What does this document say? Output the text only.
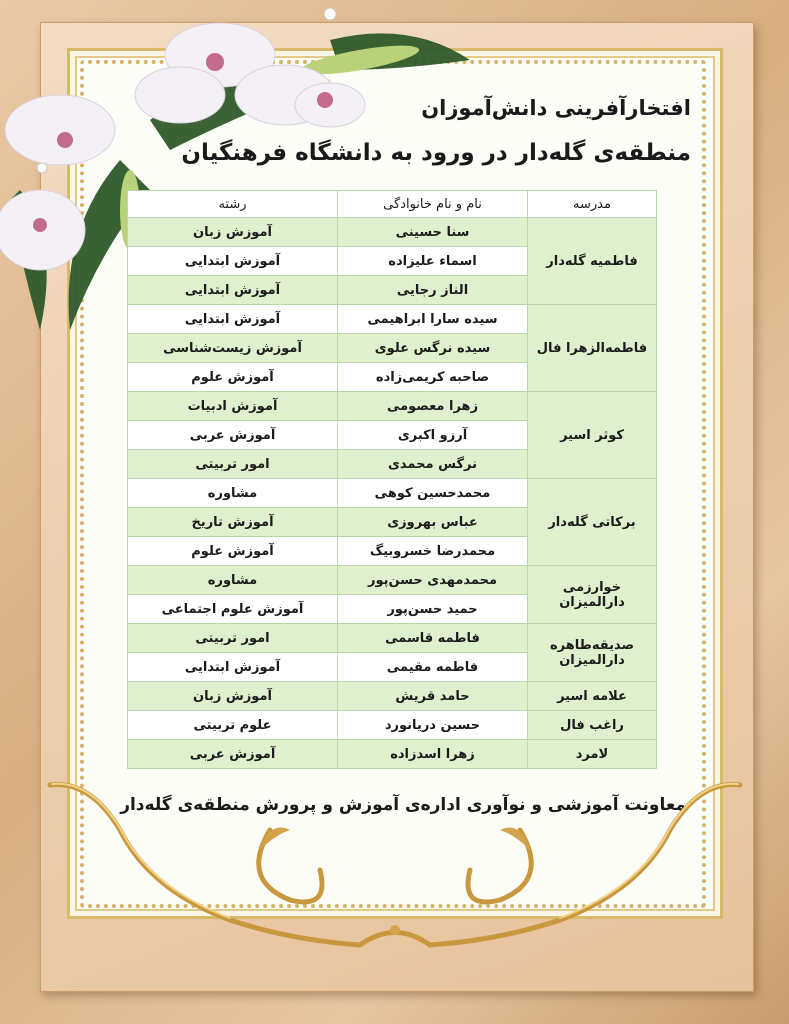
افتخارآفرینی دانش‌آموزان
منطقه‌ی گله‌دار در ورود به دانشگاه فرهنگیان
مدرسه	نام و نام خانوادگی	رشته
فاطمیه گله‌دار	سنا حسینی	آموزش زبان
	اسماء علیزاده	آموزش ابتدایی
	الناز رجایی	آموزش ابتدایی
فاطمه‌الزهرا فال	سیده سارا ابراهیمی	آموزش ابتدایی
	سیده نرگس علوی	آموزش زیست‌شناسی
	صاحبه کریمی‌زاده	آموزش علوم
کوثر اسیر	زهرا معصومی	آموزش ادبیات
	آرزو اکبری	آموزش عربی
	نرگس محمدی	امور تربیتی
برکاتی گله‌دار	محمدحسین کوهی	مشاوره
	عباس بهروزی	آموزش تاریخ
	محمدرضا خسروبیگ	آموزش علوم
خوارزمی دارالمیزان	محمدمهدی حسن‌پور	مشاوره
	حمید حسن‌پور	آموزش علوم اجتماعی
صدیقه‌طاهره دارالمیزان	فاطمه قاسمی	امور تربیتی
	فاطمه مقیمی	آموزش ابتدایی
علامه اسیر	حامد قریش	آموزش زبان
راغب فال	حسین دریانورد	علوم تربیتی
لامرد	زهرا اسدزاده	آموزش عربی
معاونت آموزشی و نوآوری اداره‌ی آموزش و پرورش منطقه‌ی گله‌دار
